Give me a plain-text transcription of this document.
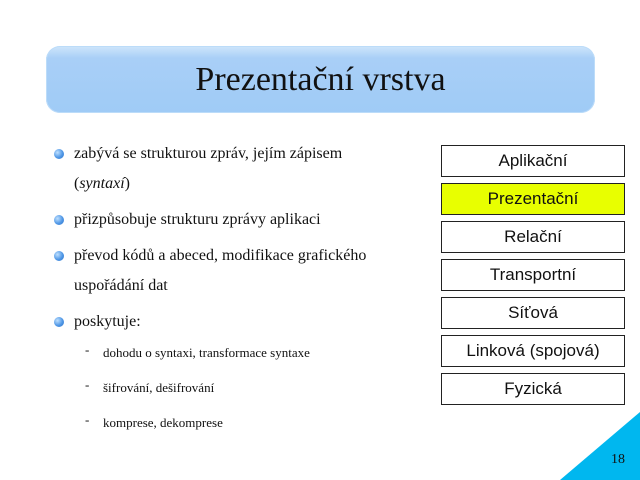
Prezentační vrstva
zabývá se strukturou zpráv, jejím zápisem
(syntaxí)
přizpůsobuje strukturu zprávy aplikaci
převod kódů a abeced, modifikace grafického
uspořádání dat
poskytuje:
- dohodu o syntaxi, transformace syntaxe
- šifrování, dešifrování
- komprese, dekomprese
Aplikační
Prezentační
Relační
Transportní
Síťová
Linková (spojová)
Fyzická
18
